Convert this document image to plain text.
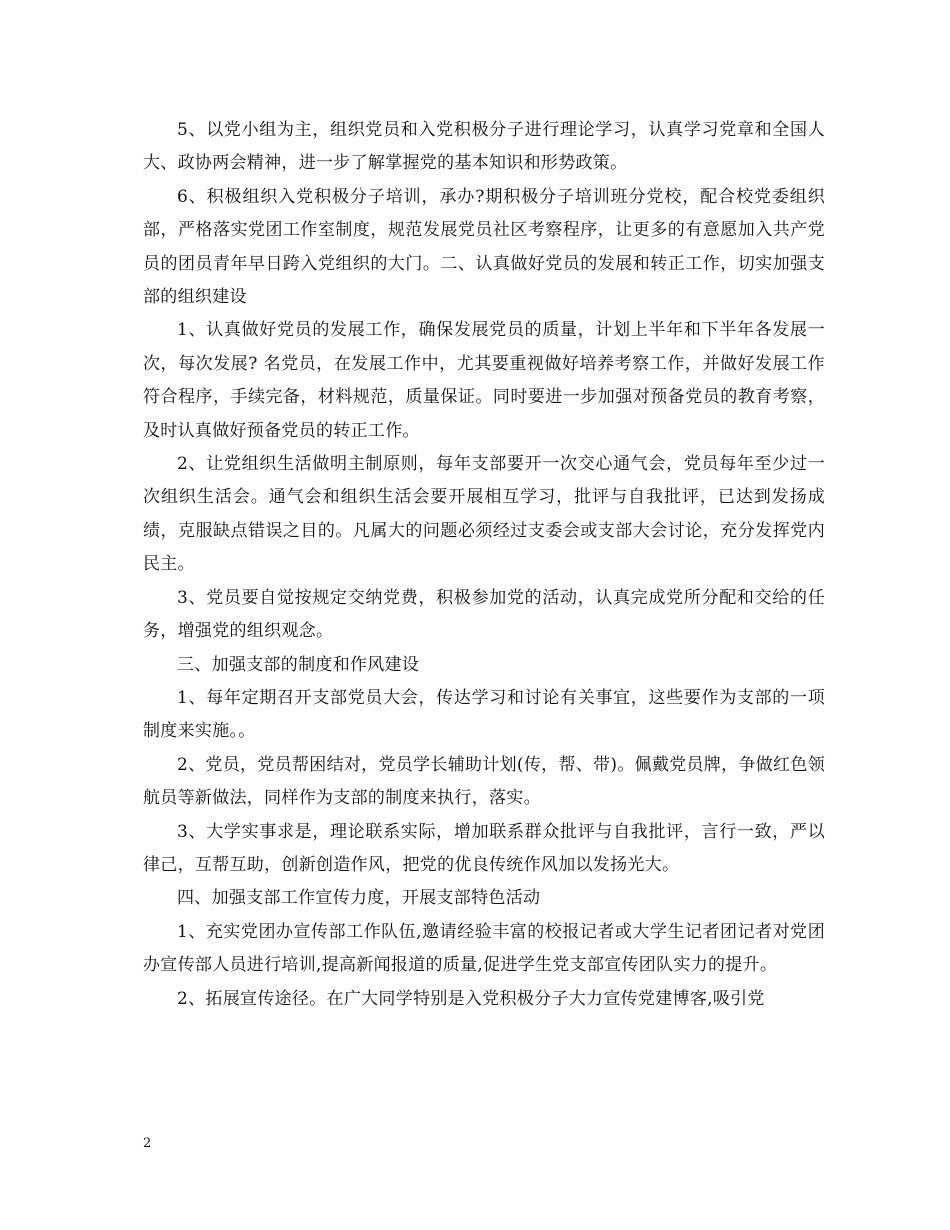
5、以党小组为主，组织党员和入党积极分子进行理论学习，认真学习党章和全国人大、政协两会精神，进一步了解掌握党的基本知识和形势政策。

6、积极组织入党积极分子培训，承办?期积极分子培训班分党校，配合校党委组织部，严格落实党团工作室制度，规范发展党员社区考察程序，让更多的有意愿加入共产党员的团员青年早日跨入党组织的大门。二、认真做好党员的发展和转正工作，切实加强支部的组织建设

1、认真做好党员的发展工作，确保发展党员的质量，计划上半年和下半年各发展一次，每次发展? 名党员，在发展工作中，尤其要重视做好培养考察工作，并做好发展工作符合程序，手续完备，材料规范，质量保证。同时要进一步加强对预备党员的教育考察，及时认真做好预备党员的转正工作。

2、让党组织生活做明主制原则，每年支部要开一次交心通气会，党员每年至少过一次组织生活会。通气会和组织生活会要开展相互学习，批评与自我批评，已达到发扬成绩，克服缺点错误之目的。凡属大的问题必须经过支委会或支部大会讨论，充分发挥党内民主。

3、党员要自觉按规定交纳党费，积极参加党的活动，认真完成党所分配和交给的任务，增强党的组织观念。

三、加强支部的制度和作风建设

1、每年定期召开支部党员大会，传达学习和讨论有关事宜，这些要作为支部的一项制度来实施。。

2、党员，党员帮困结对，党员学长辅助计划(传，帮、带)。佩戴党员牌，争做红色领航员等新做法，同样作为支部的制度来执行，落实。

3、大学实事求是，理论联系实际，增加联系群众批评与自我批评，言行一致，严以律己，互帮互助，创新创造作风，把党的优良传统作风加以发扬光大。

四、加强支部工作宣传力度，开展支部特色活动

1、充实党团办宣传部工作队伍,邀请经验丰富的校报记者或大学生记者团记者对党团办宣传部人员进行培训,提高新闻报道的质量,促进学生党支部宣传团队实力的提升。

2、拓展宣传途径。在广大同学特别是入党积极分子大力宣传党建博客,吸引党

2
